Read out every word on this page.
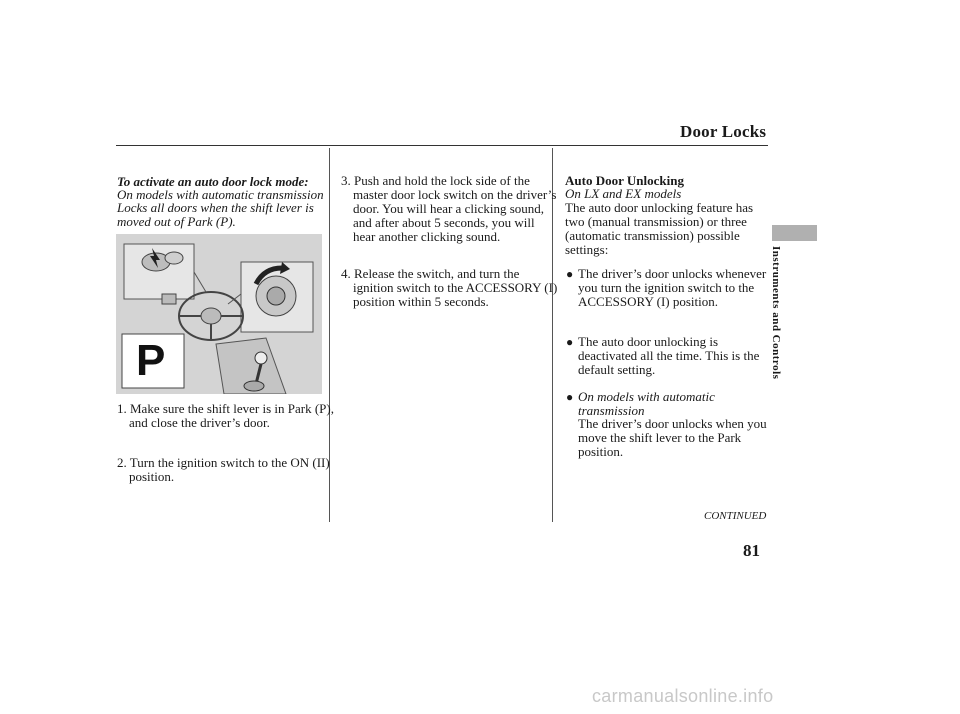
Door Locks
To activate an auto door lock mode:
On models with automatic transmission
Locks all doors when the shift lever is moved out of Park (P).
P
1. Make sure the shift lever is in Park (P), and close the driver’s door.
2. Turn the ignition switch to the ON (II) position.
3. Push and hold the lock side of the master door lock switch on the driver’s door. You will hear a clicking sound, and after about 5 seconds, you will hear another clicking sound.
4. Release the switch, and turn the ignition switch to the ACCESSORY (I) position within 5 seconds.
Auto Door Unlocking
On LX and EX models
The auto door unlocking feature has two (manual transmission) or three (automatic transmission) possible settings:
● The driver’s door unlocks whenever you turn the ignition switch to the ACCESSORY (I) position.
● The auto door unlocking is deactivated all the time. This is the default setting.
● On models with automatic transmission
The driver’s door unlocks when you move the shift lever to the Park position.
CONTINUED
Instruments and Controls
81
carmanualsonline.info
